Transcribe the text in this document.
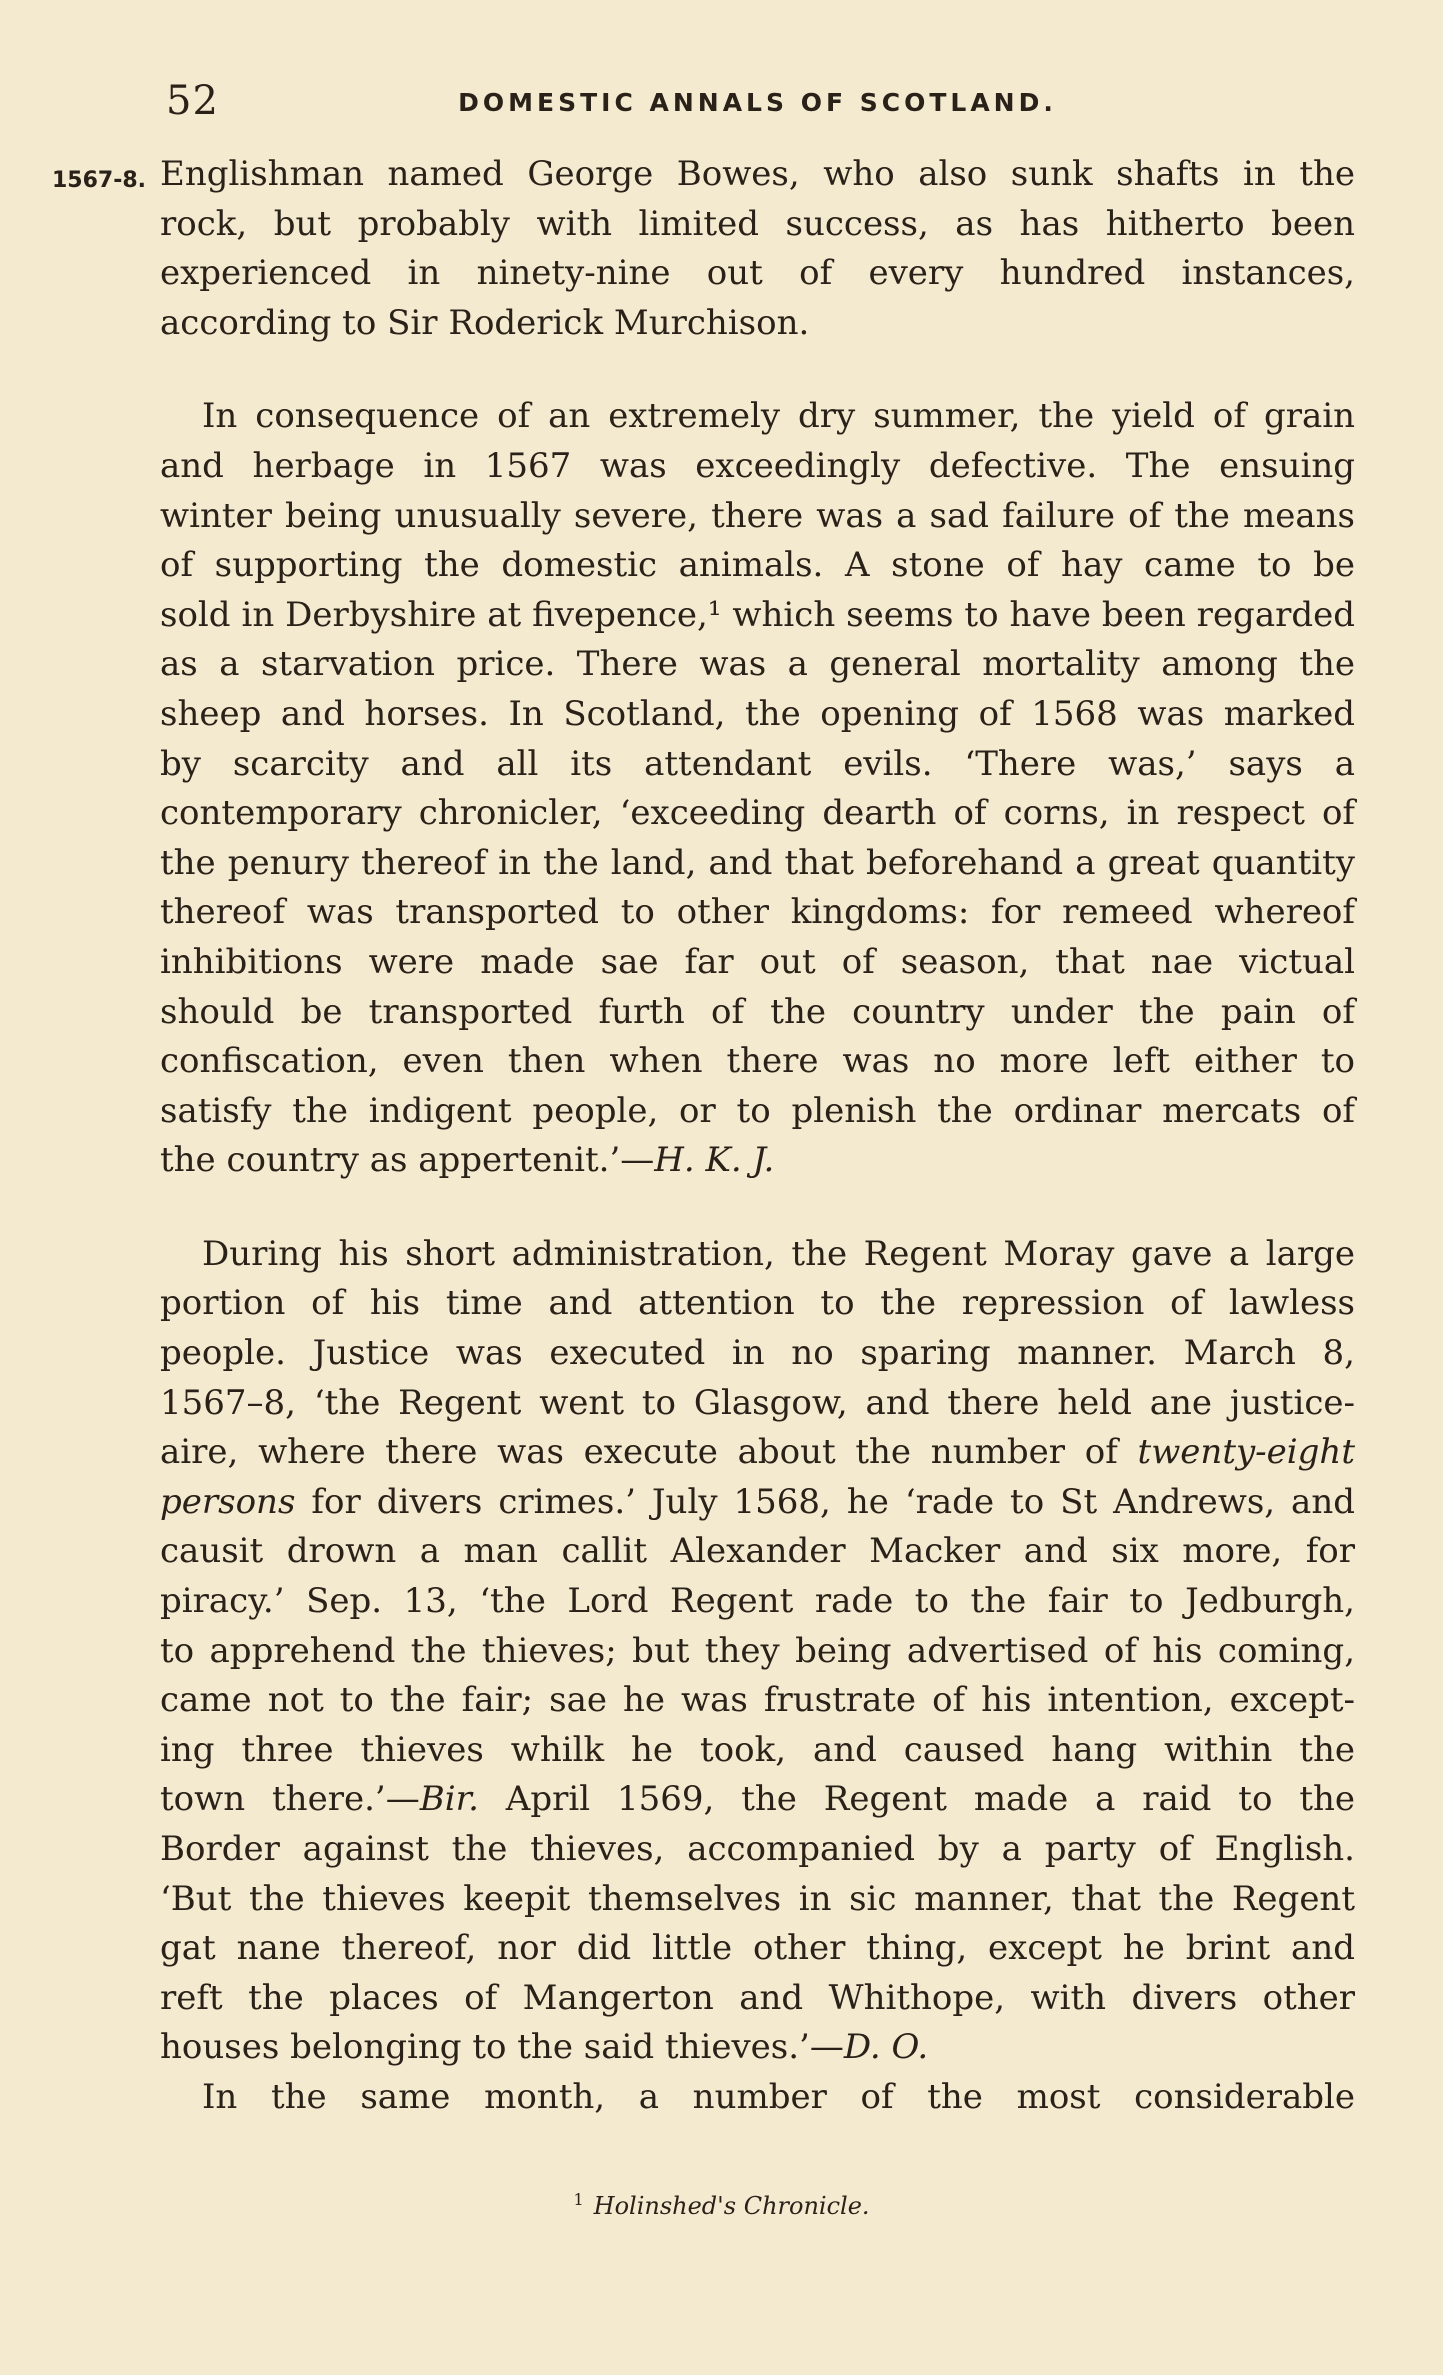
52	DOMESTIC ANNALS OF SCOTLAND.
1567-8. Englishman named George Bowes, who also sunk shafts in the
rock, but probably with limited success, as has hitherto been
experienced in ninety-nine out of every hundred instances,
according to Sir Roderick Murchison.
In consequence of an extremely dry summer, the yield of grain
and herbage in 1567 was exceedingly defective. The ensuing
winter being unusually severe, there was a sad failure of the means
of supporting the domestic animals. A stone of hay came to be
sold in Derbyshire at fivepence,¹ which seems to have been regarded
as a starvation price. There was a general mortality among the
sheep and horses. In Scotland, the opening of 1568 was marked
by scarcity and all its attendant evils. ‘There was,’ says a
contemporary chronicler, ‘exceeding dearth of corns, in respect of
the penury thereof in the land, and that beforehand a great quantity
thereof was transported to other kingdoms: for remeed whereof
inhibitions were made sae far out of season, that nae victual
should be transported furth of the country under the pain of
confiscation, even then when there was no more left either to
satisfy the indigent people, or to plenish the ordinar mercats of
the country as appertenit.’—H. K. J.
During his short administration, the Regent Moray gave a large
portion of his time and attention to the repression of lawless
people. Justice was executed in no sparing manner. March 8,
1567–8, ‘the Regent went to Glasgow, and there held ane justice-
aire, where there was execute about the number of twenty-eight
persons for divers crimes.’ July 1568, he ‘rade to St Andrews, and
causit drown a man callit Alexander Macker and six more, for
piracy.’ Sep. 13, ‘the Lord Regent rade to the fair to Jedburgh,
to apprehend the thieves; but they being advertised of his coming,
came not to the fair; sae he was frustrate of his intention, except-
ing three thieves whilk he took, and caused hang within the
town there.’—Bir. April 1569, the Regent made a raid to the
Border against the thieves, accompanied by a party of English.
‘But the thieves keepit themselves in sic manner, that the Regent
gat nane thereof, nor did little other thing, except he brint and
reft the places of Mangerton and Whithope, with divers other
houses belonging to the said thieves.’—D. O.
In the same month, a number of the most considerable
$^1$ Holinshed's Chronicle.
